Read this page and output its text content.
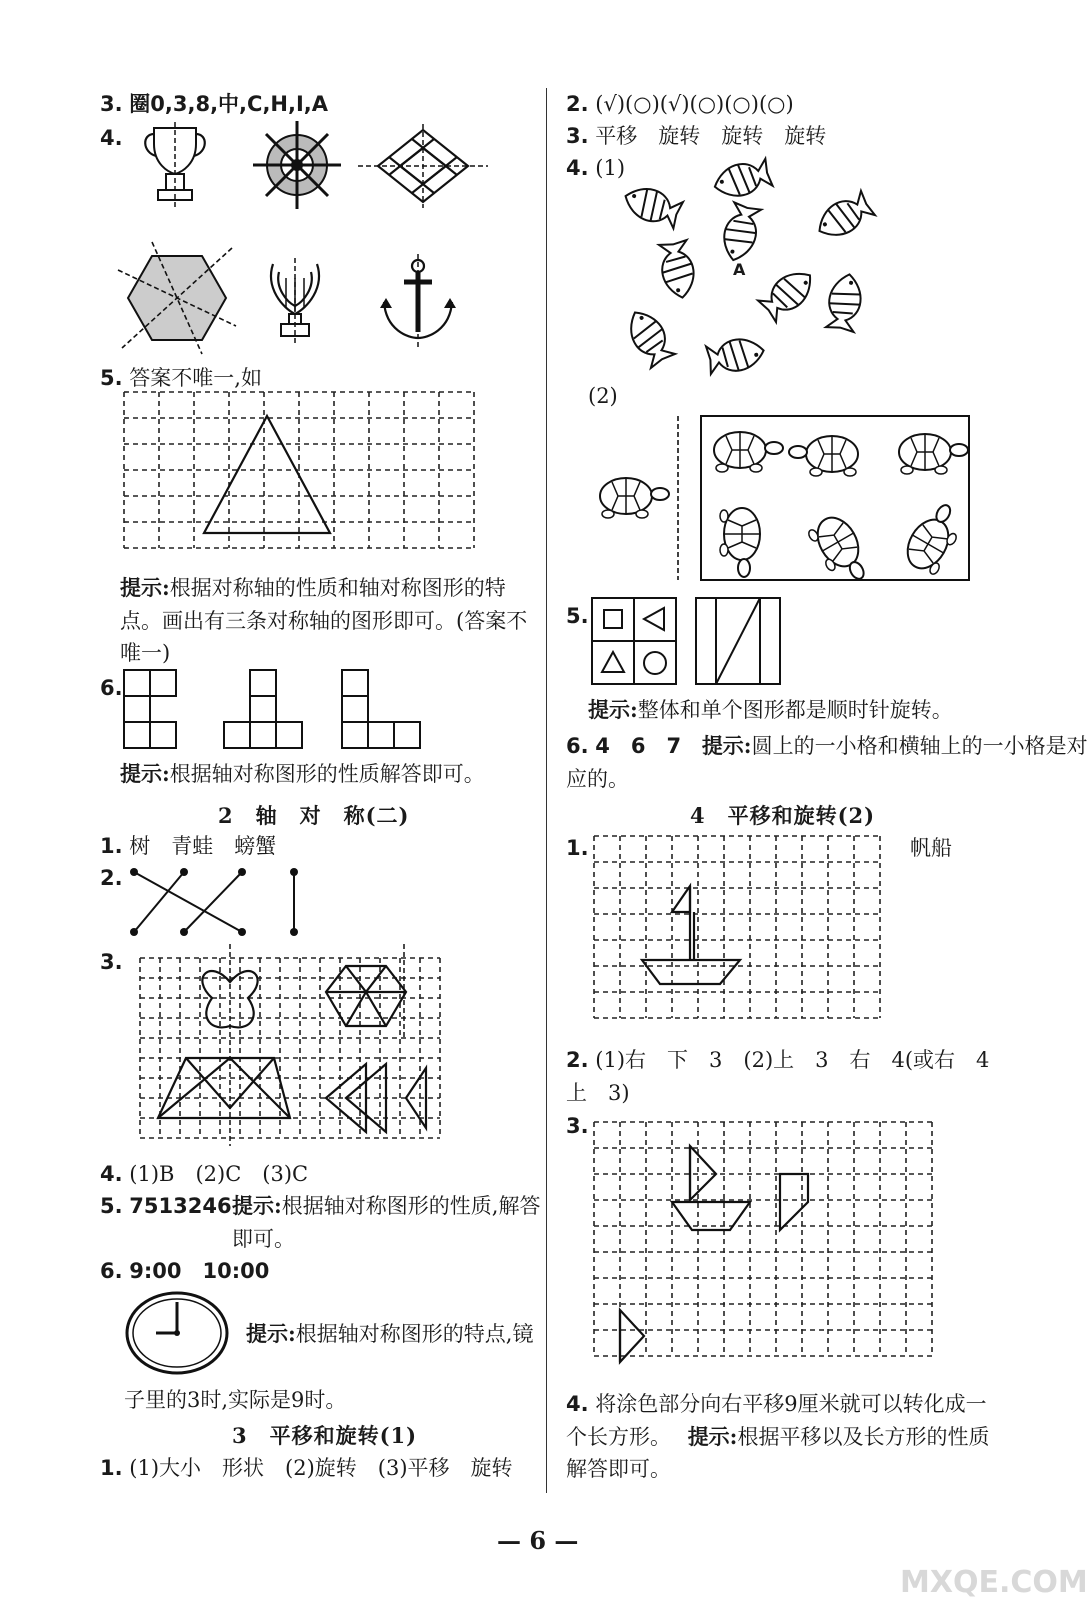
3. 圈0,3,8,中,C,H,I,A
4.
5. 答案不唯一,如
提示:根据对称轴的性质和轴对称图形的特点。画出有三条对称轴的图形即可。(答案不唯一)
6.
提示:根据轴对称图形的性质解答即可。
2　轴　对　称(二)
1. 树　青蛙　螃蟹
2.
3.
4. (1)B　(2)C　(3)C
5. 7513246 提示:根据轴对称图形的性质,解答即可。
6. 9:00　10:00
提示:根据轴对称图形的特点,镜
子里的3时,实际是9时。
3　平移和旋转(1)
1. (1)大小　形状　(2)旋转　(3)平移　旋转
2. (√)(○)(√)(○)(○)(○)
3. 平移　旋转　旋转　旋转
4. (1)
A
(2)
5.
提示:整体和单个图形都是顺时针旋转。
6. 4　6　7 提示:圆上的一小格和横轴上的一小格是对应的。
4　平移和旋转(2)
1.	帆船
2. (1)右　下　3　(2)上　3　右　4(或右　4上　3)
3.
4. 将涂色部分向右平移9厘米就可以转化成一个长方形。 提示:根据平移以及长方形的性质解答即可。
— 6 —
MXQE.COM
